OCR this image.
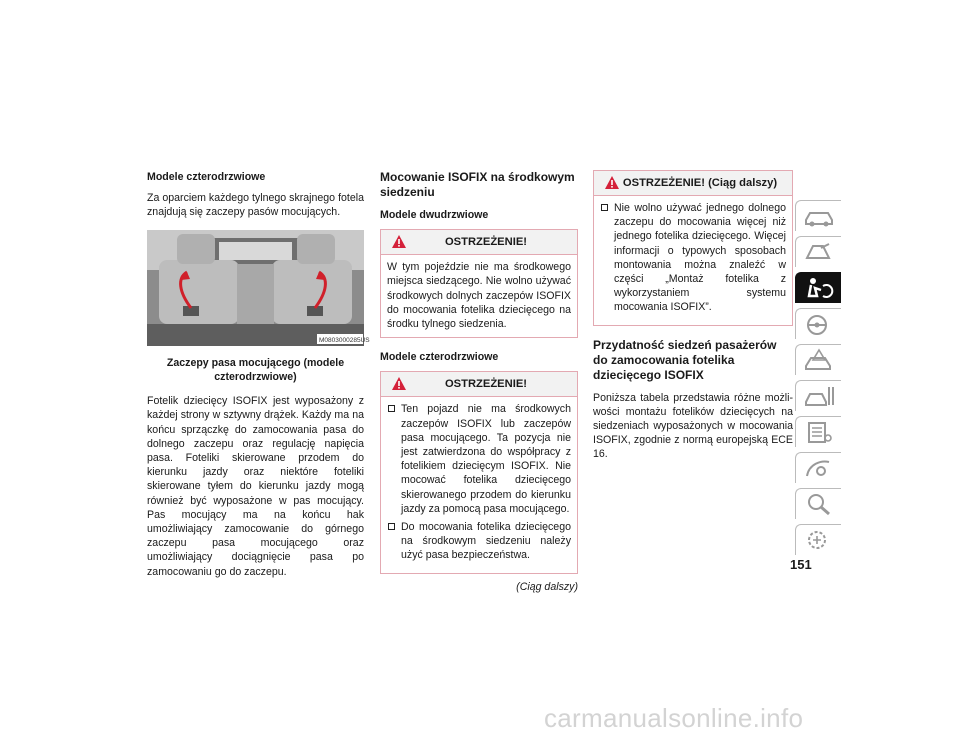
Modele czterodrzwiowe
Za oparciem każdego tylnego skrajnego fotela znajdują się zaczepy pasów mocujących.
M0803000285US
Zaczepy pasa mocującego (modele czterodrzwiowe)
Fotelik dziecięcy ISOFIX jest wyposażony z każdej strony w sztywny drążek. Każdy ma na końcu sprzączkę do zamocowania pasa do dolnego zaczepu oraz regulację napięcia pasa. Foteliki skierowane przodem do kierunku jazdy oraz niektóre foteliki skierowane tyłem do kierunku jazdy mogą również być wyposażone w pas mocujący. Pas mocujący ma na końcu hak umożliwiający zamocowanie do górnego zaczepu pasa mocującego oraz umożliwiający dociągnięcie pasa po zamocowaniu go do zaczepu.
Mocowanie ISOFIX na środkowym siedzeniu
Modele dwudrzwiowe
OSTRZEŻENIE!
W tym pojeździe nie ma środkowego miejsca siedzącego. Nie wolno używać środkowych dolnych zaczepów ISOFIX do mocowania fotelika dziecięcego na środku tylnego siedzenia.
Modele czterodrzwiowe
OSTRZEŻENIE!
Ten pojazd nie ma środkowych zaczepów ISOFIX lub zaczepów pasa mocującego. Ta pozycja nie jest zatwierdzona do współpracy z fotelikiem dziecięcym ISOFIX. Nie mocować fotelika dziecięcego skierowanego przodem do kierunku jazdy za pomocą pasa mocującego.
Do mocowania fotelika dziecięcego na środkowym siedzeniu należy użyć pasa bezpieczeństwa.
(Ciąg dalszy)
OSTRZEŻENIE! (Ciąg dalszy)
Nie wolno używać jednego dolnego zaczepu do mocowania więcej niż jednego fotelika dziecięcego. Więcej informacji o typowych sposobach montowania można znaleźć w części „Montaż fotelika z wykorzystaniem systemu mocowania ISOFIX”.
Przydatność siedzeń pasażerów do zamocowania fotelika dziecięcego ISOFIX
Poniższa tabela przedstawia różne możliwości montażu fotelików dziecięcych na siedzeniach wyposażonych w mocowania ISOFIX, zgodnie z normą europejską ECE 16.
151
carmanualsonline.info
